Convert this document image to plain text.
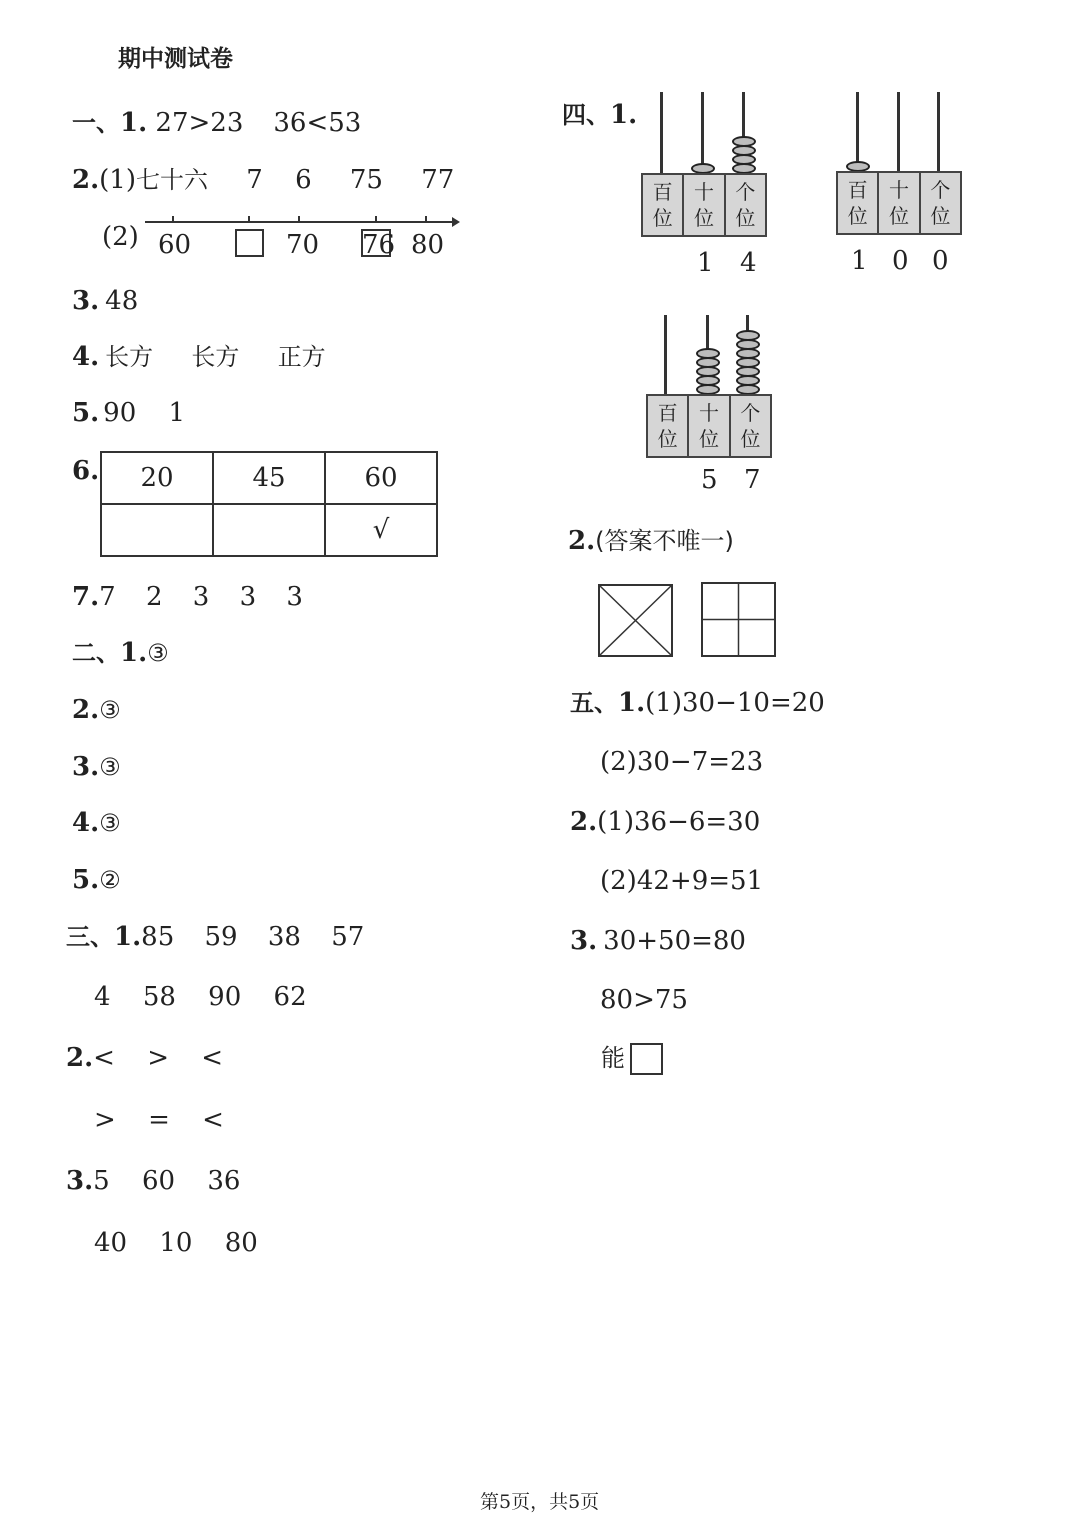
期中测试卷
一、1. 27>23 36<53
2.(1)七十六 7 6 75 77
(2) 60	70 76 80
3. 48
4. 长方 长方 正方
5. 90 1
6. 20	45	60
		√
7.7 2 3 3 3
二、1.③
2.③
3.③
4.③
5.②
三、1.85 59 38 57
4 58 90 62
2.< > <
> = <
3.5 60 36
40 10 80
四、1.
百
位
十
位
个
位
1 4
百
位
十
位
个
位
1 0 0
百
位
十
位
个
位
5 7
2.(答案不唯一)
五、1.(1)30−10=20
(2)30−7=23
2.(1)36−6=30
(2)42+9=51
3. 30+50=80
80>75
能
第5页，共5页
